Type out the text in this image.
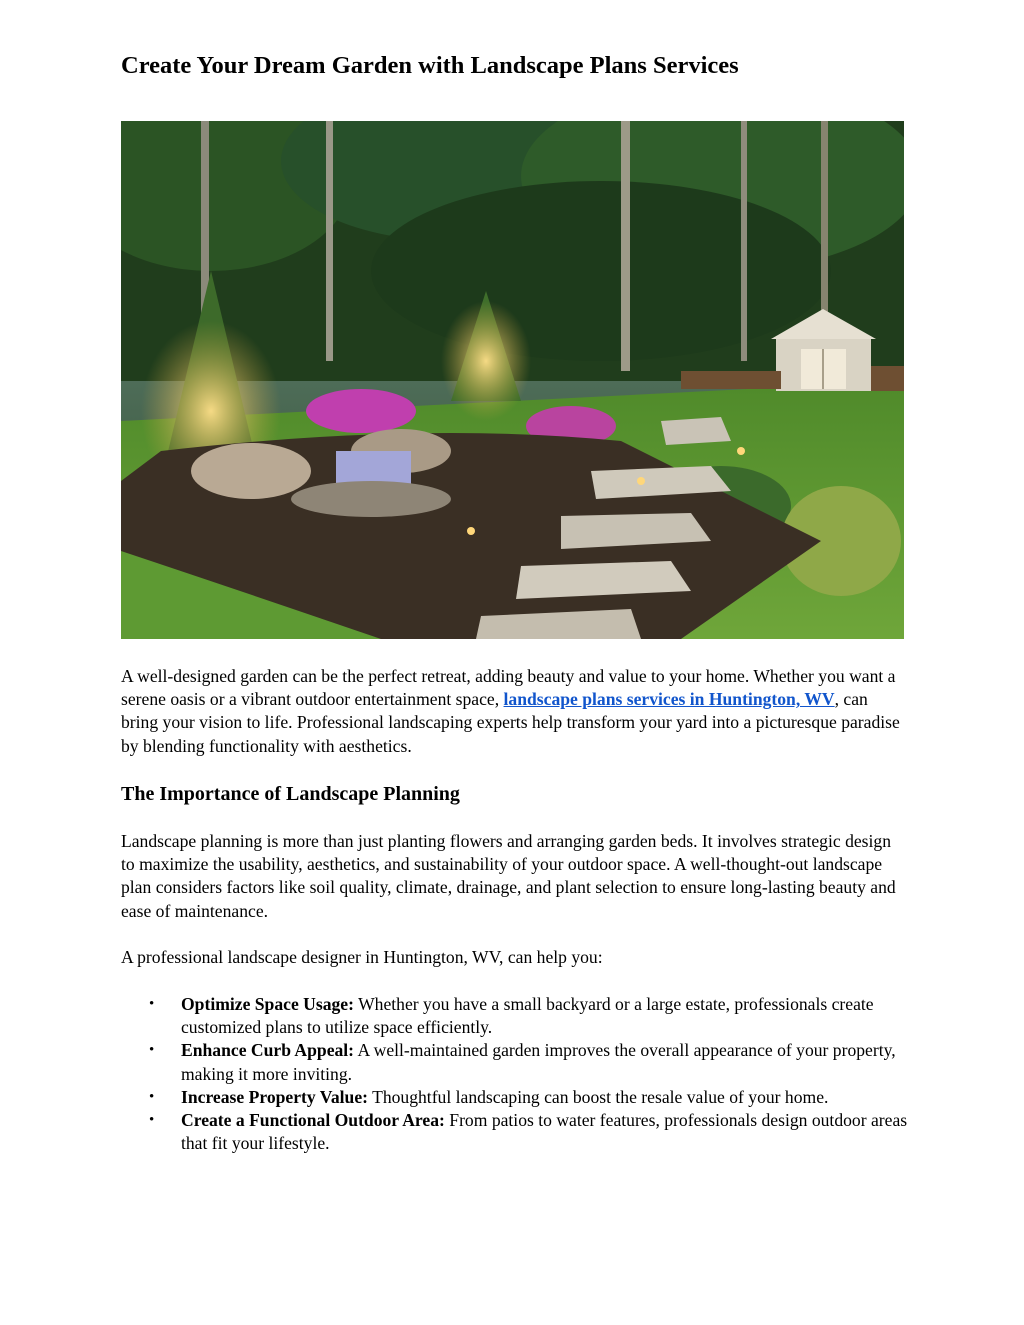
Create Your Dream Garden with Landscape Plans Services

A well-designed garden can be the perfect retreat, adding beauty and value to your home. Whether you want a serene oasis or a vibrant outdoor entertainment space, landscape plans services in Huntington, WV, can bring your vision to life. Professional landscaping experts help transform your yard into a picturesque paradise by blending functionality with aesthetics.

The Importance of Landscape Planning

Landscape planning is more than just planting flowers and arranging garden beds. It involves strategic design to maximize the usability, aesthetics, and sustainability of your outdoor space. A well-thought-out landscape plan considers factors like soil quality, climate, drainage, and plant selection to ensure long-lasting beauty and ease of maintenance.

A professional landscape designer in Huntington, WV, can help you:

• Optimize Space Usage: Whether you have a small backyard or a large estate, professionals create customized plans to utilize space efficiently.
• Enhance Curb Appeal: A well-maintained garden improves the overall appearance of your property, making it more inviting.
• Increase Property Value: Thoughtful landscaping can boost the resale value of your home.
• Create a Functional Outdoor Area: From patios to water features, professionals design outdoor areas that fit your lifestyle.
